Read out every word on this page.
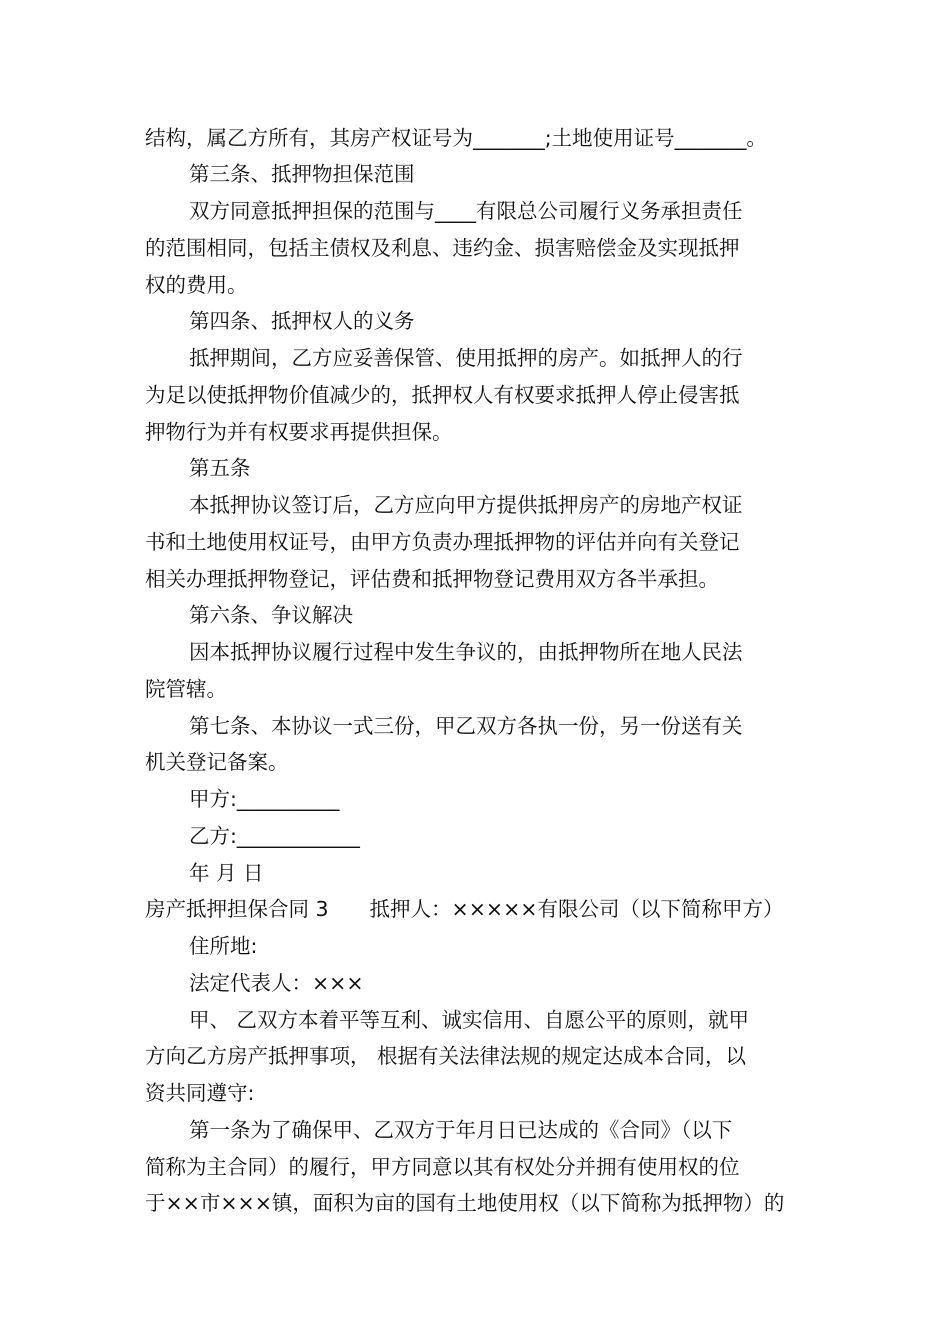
结构，属乙方所有，其房产权证号为_______;土地使用证号_______。
第三条、抵押物担保范围
双方同意抵押担保的范围与____有限总公司履行义务承担责任
的范围相同，包括主债权及利息、违约金、损害赔偿金及实现抵押
权的费用。
第四条、抵押权人的义务
抵押期间，乙方应妥善保管、使用抵押的房产。如抵押人的行
为足以使抵押物价值减少的，抵押权人有权要求抵押人停止侵害抵
押物行为并有权要求再提供担保。
第五条
本抵押协议签订后，乙方应向甲方提供抵押房产的房地产权证
书和土地使用权证号，由甲方负责办理抵押物的评估并向有关登记
相关办理抵押物登记，评估费和抵押物登记费用双方各半承担。
第六条、争议解决
因本抵押协议履行过程中发生争议的，由抵押物所在地人民法
院管辖。
第七条、本协议一式三份，甲乙双方各执一份，另一份送有关
机关登记备案。
甲方:__________
乙方:____________
年 月 日
房产抵押担保合同 3　　抵押人：×××××有限公司（以下简称甲方）
住所地:
法定代表人：×××
甲、 乙双方本着平等互利、诚实信用、自愿公平的原则，就甲
方向乙方房产抵押事项， 根据有关法律法规的规定达成本合同，以
资共同遵守:
第一条为了确保甲、乙双方于年月日已达成的《合同》（以下
简称为主合同）的履行，甲方同意以其有权处分并拥有使用权的位
于××市×××镇，面积为亩的国有土地使用权（以下简称为抵押物）的
